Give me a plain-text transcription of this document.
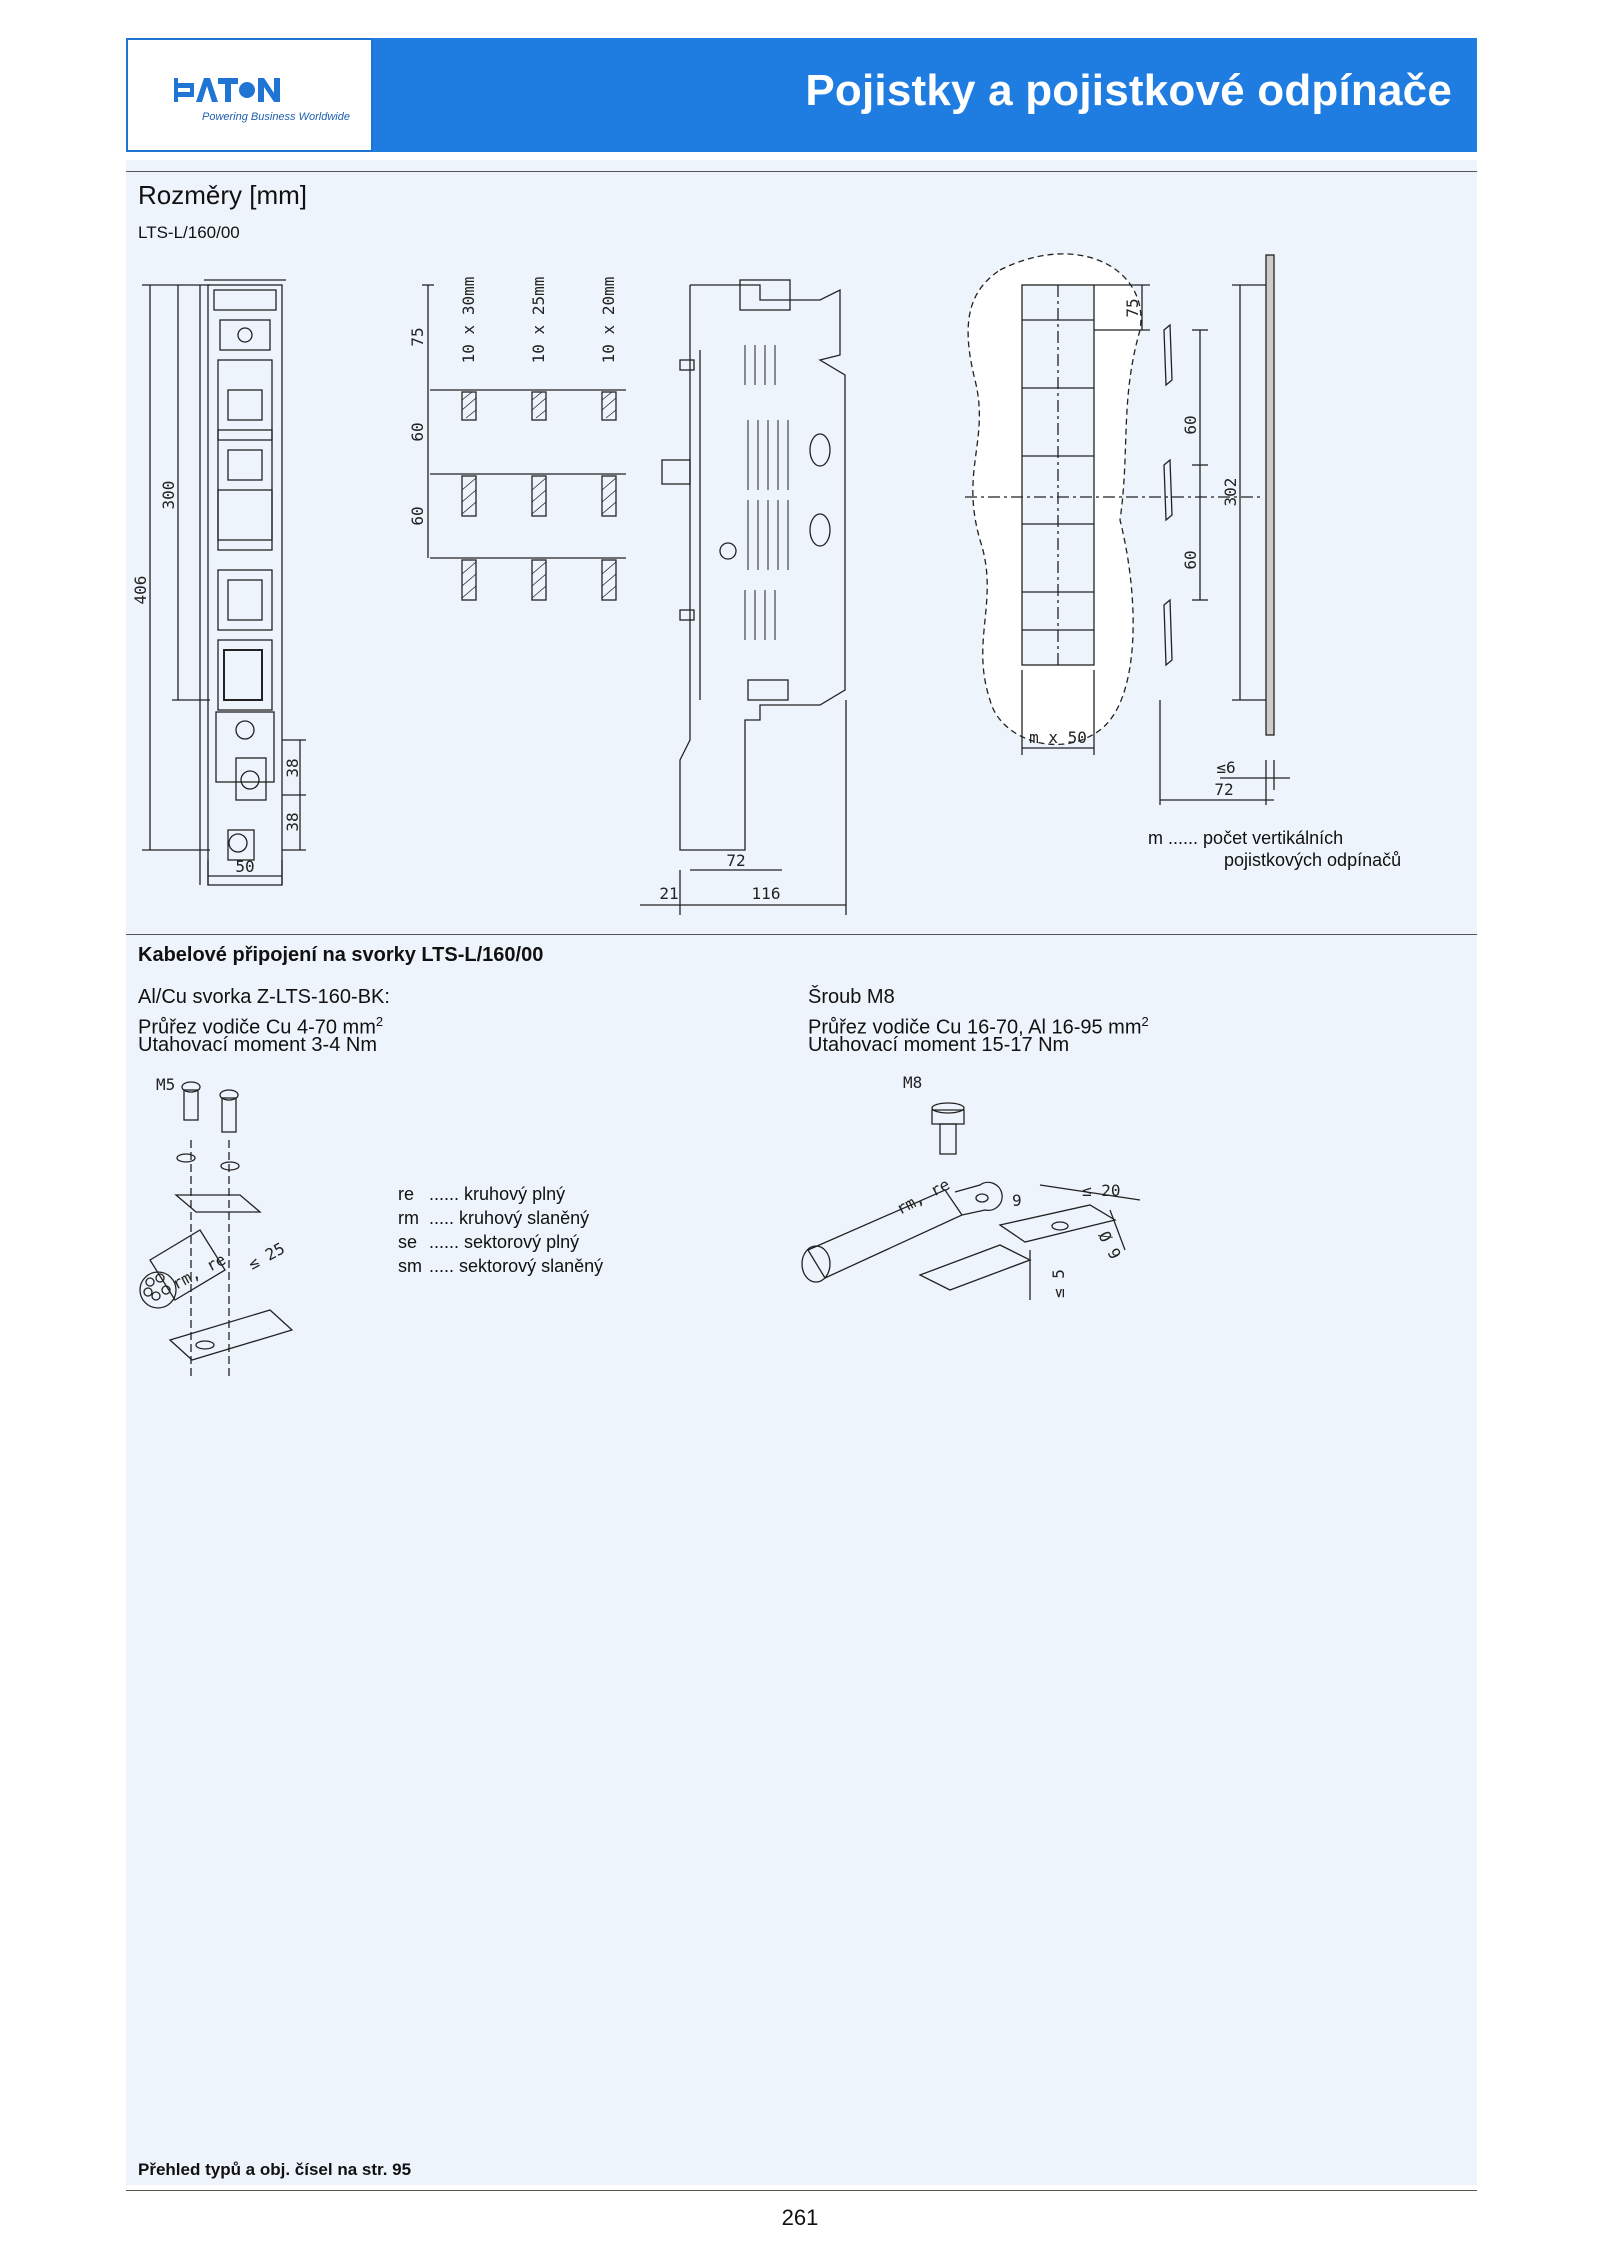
Powering Business Worldwide
Pojistky a pojistkové odpínače
Rozměry [mm]
LTS-L/160/00
406
300
38
38
50
10 x 30mm	10 x 25mm	10 x 20mm
75
60
60
72
21	116
75
60
60
302
m x 50
≤6
72
m ...... počet vertikálních
pojistkových odpínačů
Kabelové připojení na svorky LTS-L/160/00
Al/Cu svorka Z-LTS-160-BK:
Průřez vodiče Cu 4-70 $mm^2$
Utahovací moment 3-4 Nm
Šroub M8
Průřez vodiče Cu 16-70, Al 16-95 $mm^2$
Utahovací moment 15-17 Nm
M5
rm, re ≤ 25
M8
rm, re	9
≤ 20
Ø 9
≤ 5
re ...... kruhový plný
rm ..... kruhový slaněný
se ...... sektorový plný
sm ..... sektorový slaněný
Přehled typů a obj. čísel na str. 95
261
